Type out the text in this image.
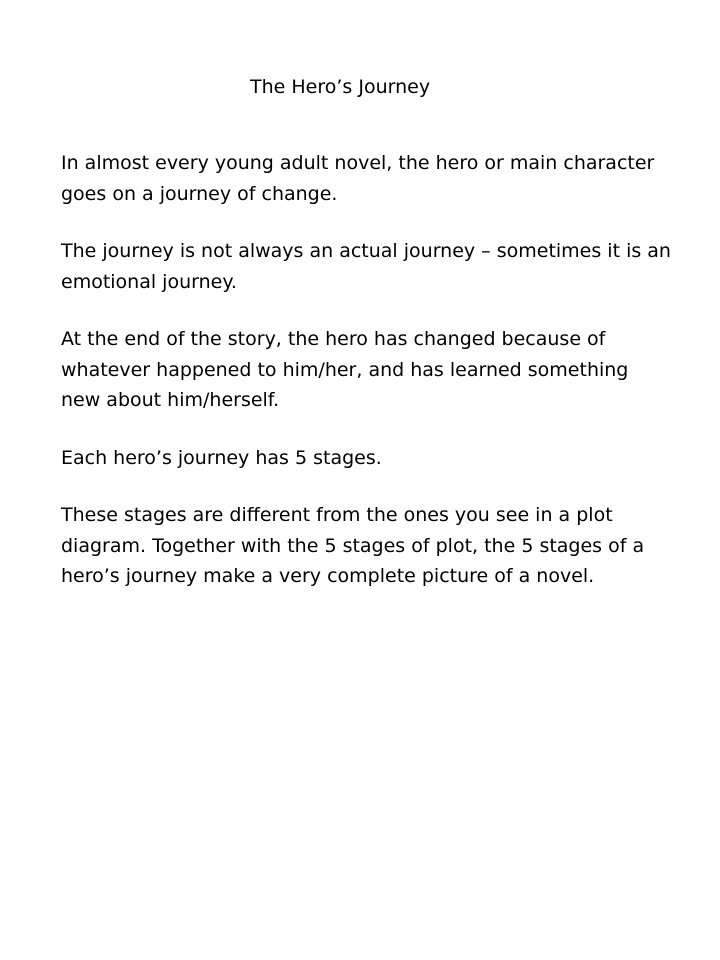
The Hero’s Journey

In almost every young adult novel, the hero or main character goes on a journey of change.

The journey is not always an actual journey – sometimes it is an emotional journey.

At the end of the story, the hero has changed because of whatever happened to him/her, and has learned something new about him/herself.

Each hero’s journey has 5 stages.

These stages are different from the ones you see in a plot diagram. Together with the 5 stages of plot, the 5 stages of a hero’s journey make a very complete picture of a novel.
